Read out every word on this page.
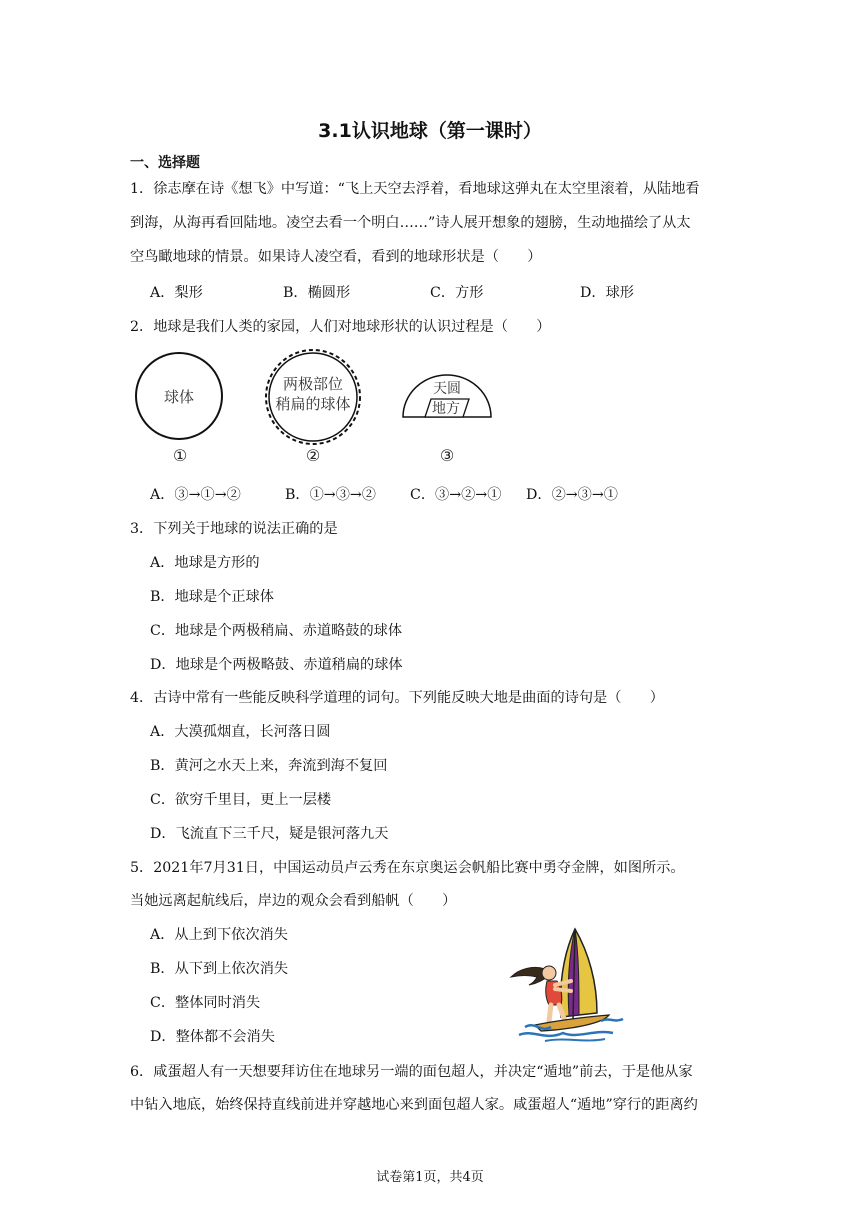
3.1认识地球（第一课时）
一、选择题
1．徐志摩在诗《想飞》中写道：“飞上天空去浮着，看地球这弹丸在太空里滚着，从陆地看
到海，从海再看回陆地。凌空去看一个明白……”诗人展开想象的翅膀，生动地描绘了从太
空鸟瞰地球的情景。如果诗人凌空看，看到的地球形状是（　　）
A．梨形	B．椭圆形	C．方形	D．球形
2．地球是我们人类的家园，人们对地球形状的认识过程是（　　）
球体
两极部位
稍扁的球体
天圆
地方
①	②	③
A．③→①→②	B．①→③→② C．③→②→① D．②→③→①
3．下列关于地球的说法正确的是
A．地球是方形的
B．地球是个正球体
C．地球是个两极稍扁、赤道略鼓的球体
D．地球是个两极略鼓、赤道稍扁的球体
4．古诗中常有一些能反映科学道理的词句。下列能反映大地是曲面的诗句是（　　）
A．大漠孤烟直，长河落日圆
B．黄河之水天上来，奔流到海不复回
C．欲穷千里目，更上一层楼
D．飞流直下三千尺，疑是银河落九天
5．2021年7月31日，中国运动员卢云秀在东京奥运会帆船比赛中勇夺金牌，如图所示。
当她远离起航线后，岸边的观众会看到船帆（　　）
A．从上到下依次消失
B．从下到上依次消失
C．整体同时消失
D．整体都不会消失
6．咸蛋超人有一天想要拜访住在地球另一端的面包超人，并决定“遁地”前去，于是他从家
中钻入地底，始终保持直线前进并穿越地心来到面包超人家。咸蛋超人“遁地”穿行的距离约
试卷第1页，共4页
